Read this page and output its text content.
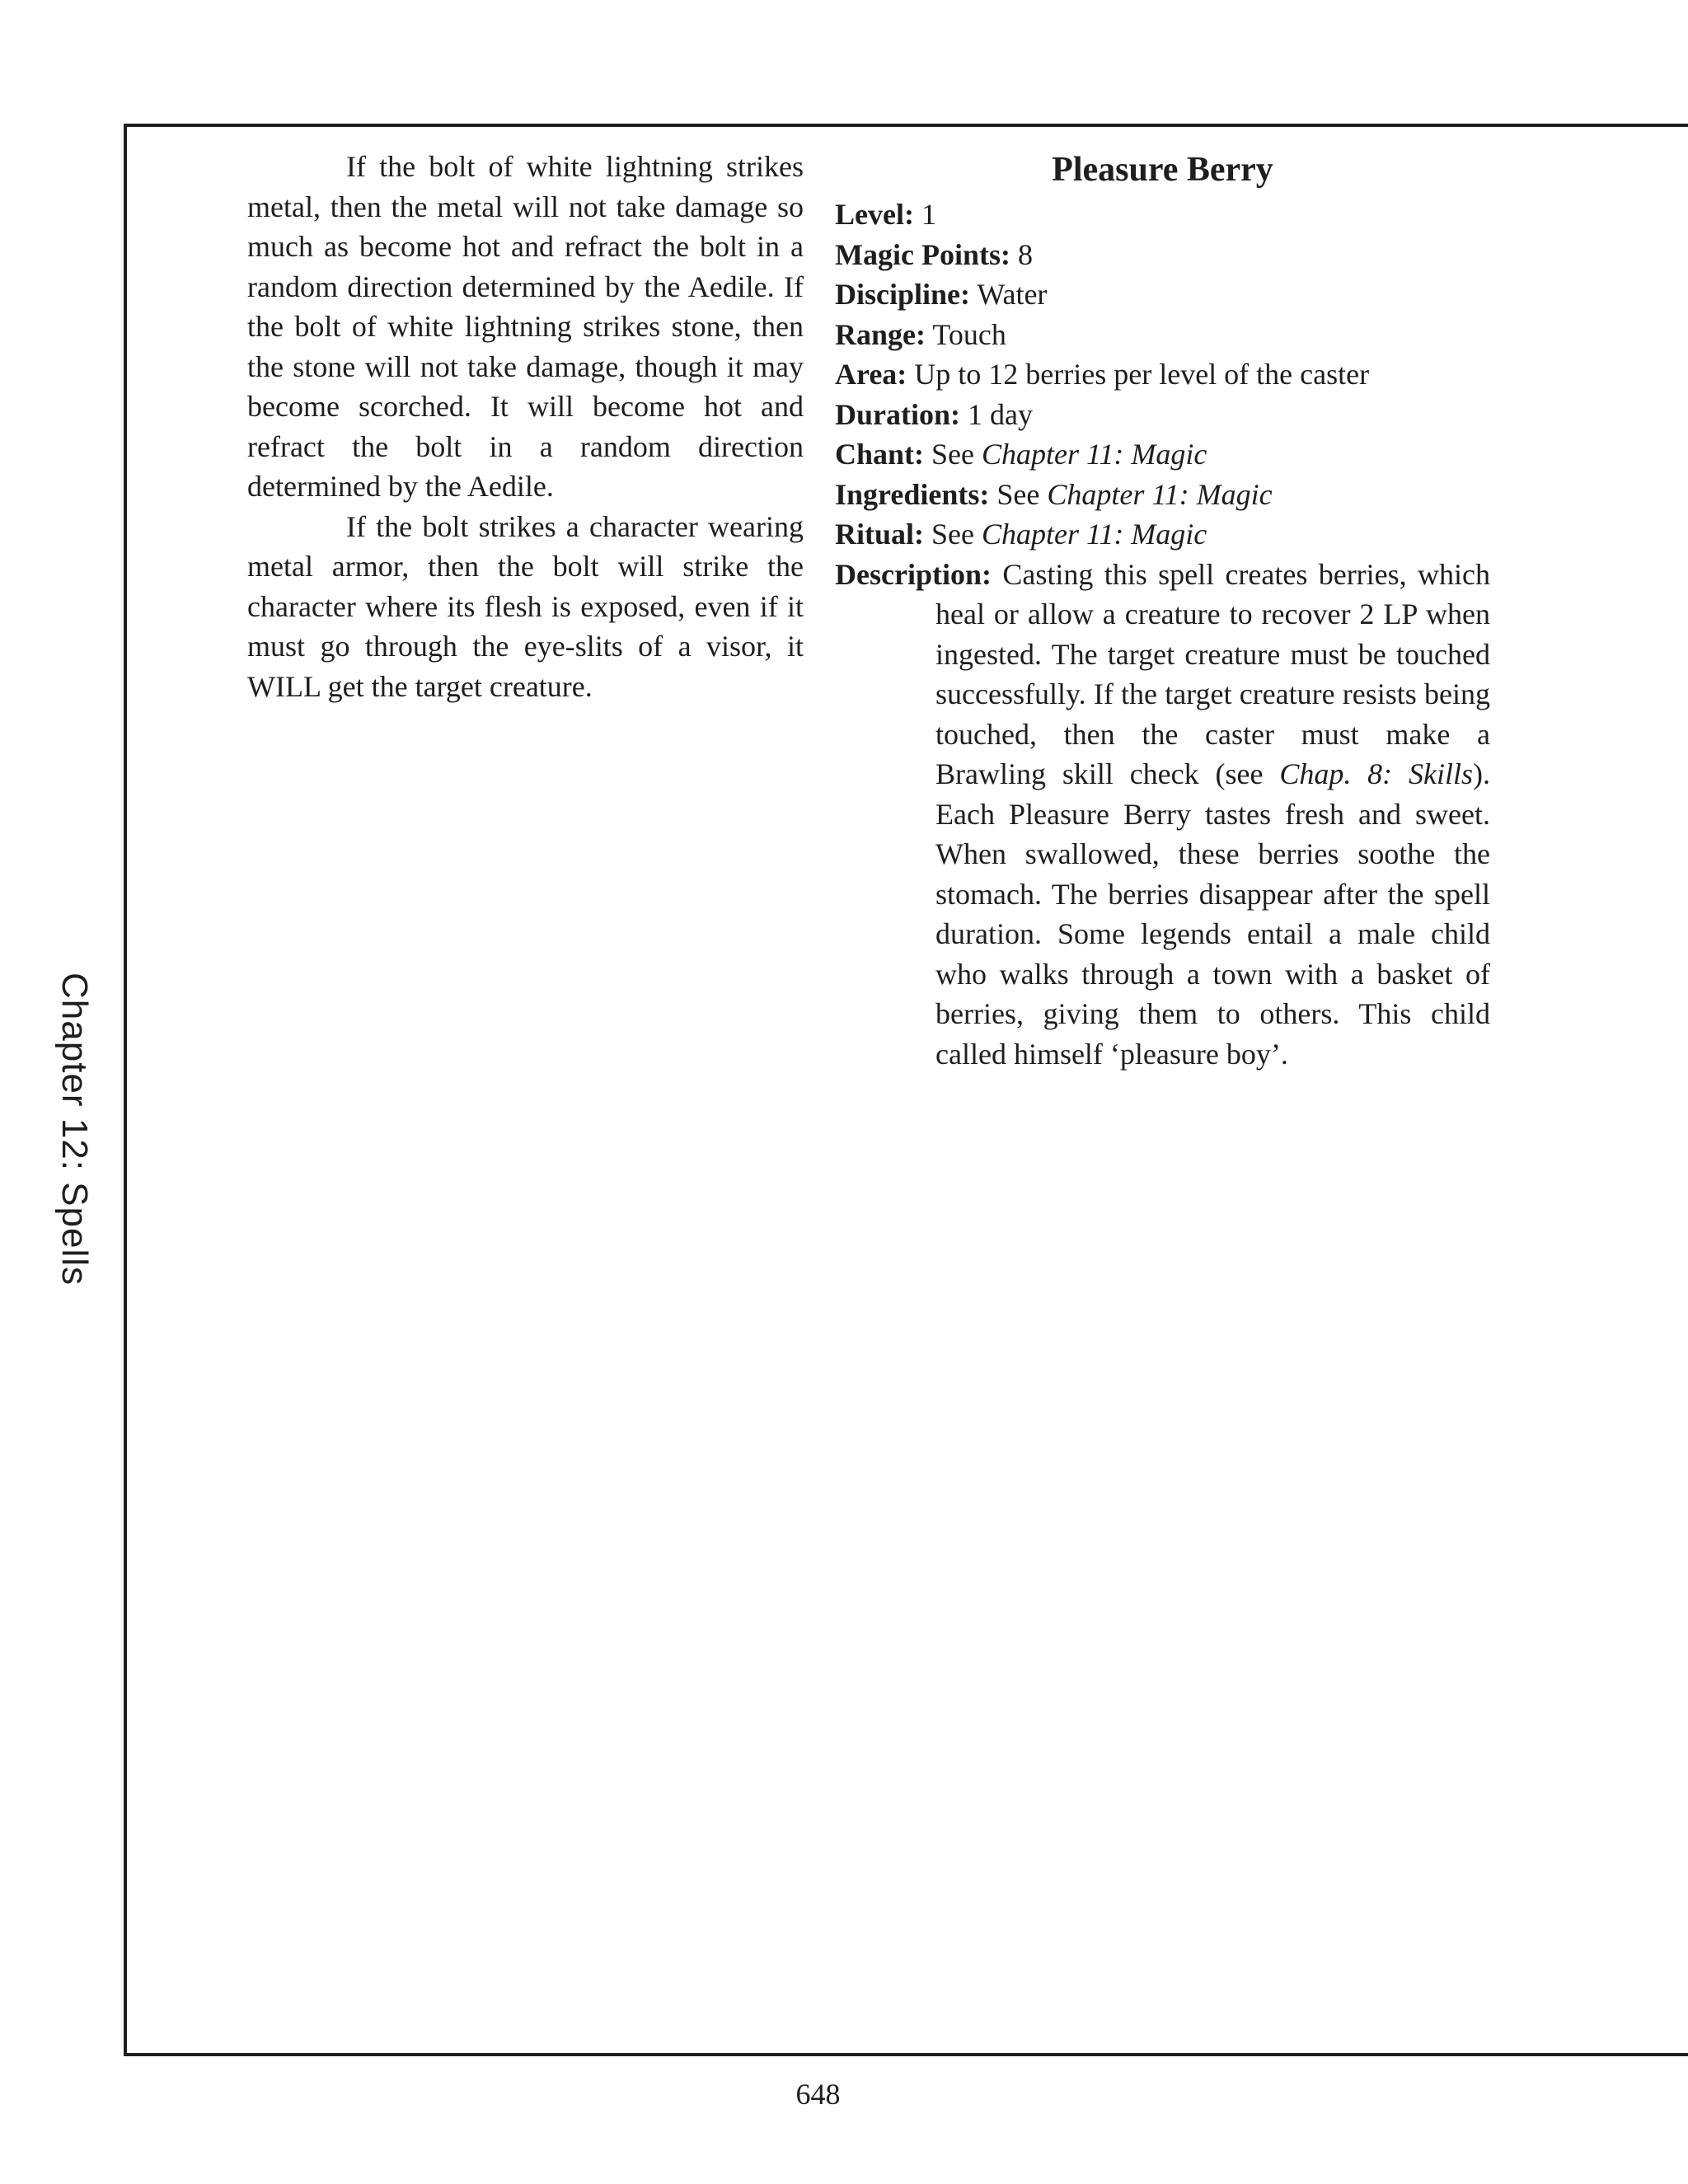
Chapter 12: Spells

If the bolt of white lightning strikes metal, then the metal will not take damage so much as become hot and refract the bolt in a random direction determined by the Aedile. If the bolt of white lightning strikes stone, then the stone will not take damage, though it may become scorched. It will become hot and refract the bolt in a random direction determined by the Aedile.

If the bolt strikes a character wearing metal armor, then the bolt will strike the character where its flesh is exposed, even if it must go through the eye-slits of a visor, it WILL get the target creature.

Pleasure Berry

Level: 1

Magic Points: 8

Discipline: Water

Range: Touch

Area: Up to 12 berries per level of the caster

Duration: 1 day

Chant: See Chapter 11: Magic

Ingredients: See Chapter 11: Magic

Ritual: See Chapter 11: Magic

Description: Casting this spell creates berries, which heal or allow a creature to recover 2 LP when ingested. The target creature must be touched successfully. If the target creature resists being touched, then the caster must make a Brawling skill check (see Chap. 8: Skills). Each Pleasure Berry tastes fresh and sweet. When swallowed, these berries soothe the stomach. The berries disappear after the spell duration. Some legends entail a male child who walks through a town with a basket of berries, giving them to others. This child called himself ‘pleasure boy’.

648
